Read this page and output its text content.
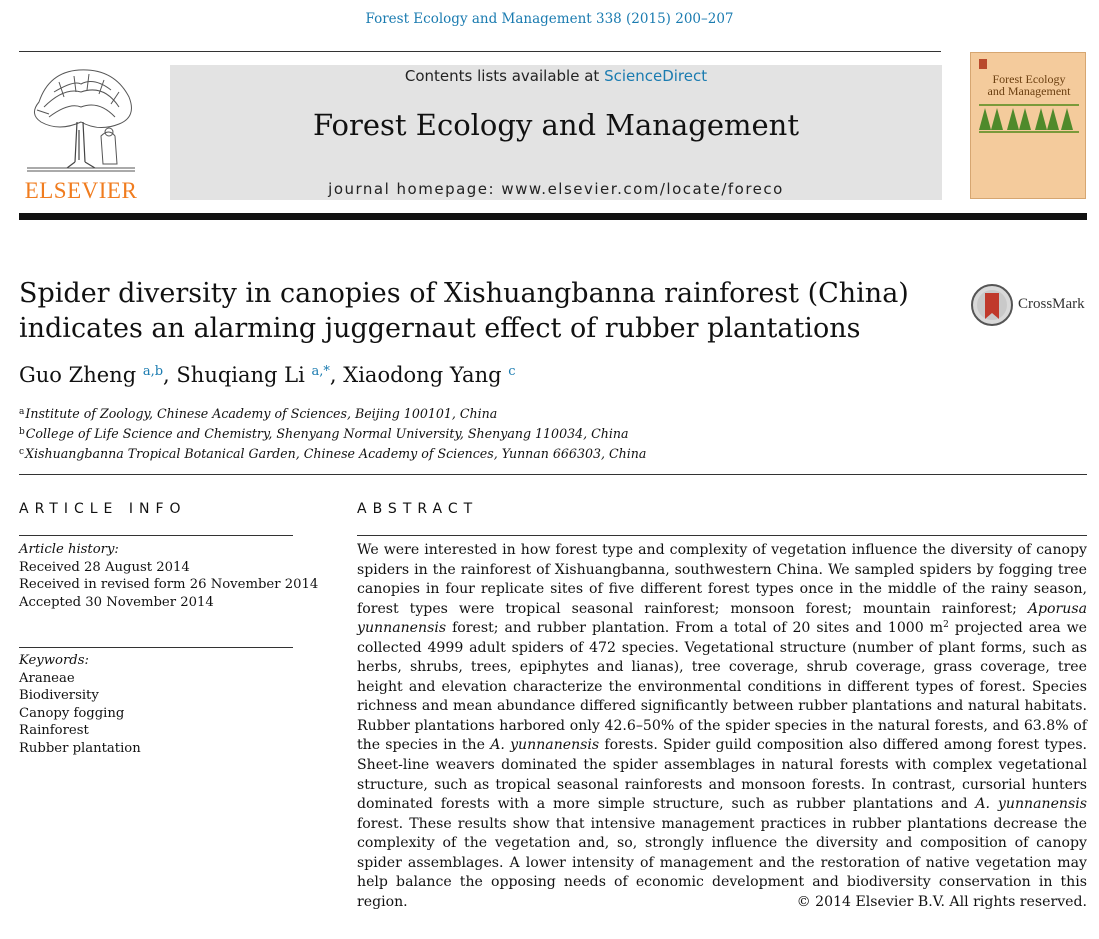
Forest Ecology and Management 338 (2015) 200–207
ELSEVIER
Contents lists available at ScienceDirect
Forest Ecology and Management
journal homepage: www.elsevier.com/locate/foreco
Forest Ecology
and Management
Spider diversity in canopies of Xishuangbanna rainforest (China)
indicates an alarming juggernaut effect of rubber plantations
CrossMark
Guo Zheng $^{a,b}$, Shuqiang Li $^{a,*}$, Xiaodong Yang $^c$
$^a$Institute of Zoology, Chinese Academy of Sciences, Beijing 100101, China
$^b$College of Life Science and Chemistry, Shenyang Normal University, Shenyang 110034, China
$^c$Xishuangbanna Tropical Botanical Garden, Chinese Academy of Sciences, Yunnan 666303, China
ARTICLE INFO
Article history:
Received 28 August 2014
Received in revised form 26 November 2014
Accepted 30 November 2014
Keywords:
Araneae
Biodiversity
Canopy fogging
Rainforest
Rubber plantation
ABSTRACT

We were interested in how forest type and complexity of vegetation influence the diversity of canopy spiders in the rainforest of Xishuangbanna, southwestern China. We sampled spiders by fogging tree canopies in four replicate sites of five different forest types once in the middle of the rainy season, forest types were tropical seasonal rainforest; monsoon forest; mountain rainforest; Aporusa yunnanensis forest; and rubber plantation. From a total of 20 sites and 1000 $m^2$ projected area we collected 4999 adult spiders of 472 species. Vegetational structure (number of plant forms, such as herbs, shrubs, trees, epiphytes and lianas), tree coverage, shrub coverage, grass coverage, tree height and elevation characterize the environmental conditions in different types of forest. Species richness and mean abundance differed significantly between rubber plantations and natural habitats. Rubber plantations harbored only 42.6–50% of the spider species in the natural forests, and 63.8% of the species in the A. yunnanensis forests. Spider guild composition also differed among forest types. Sheet-line weavers dominated the spider assemblages in natural forests with complex vegetational structure, such as tropical seasonal rainforests and monsoon forests. In contrast, cursorial hunters dominated forests with a more simple structure, such as rubber plantations and A. yunnanensis forest. These results show that intensive management practices in rubber plantations decrease the complexity of the vegetation and, so, strongly influence the diversity and composition of canopy spider assemblages. A lower intensity of management and the restoration of native vegetation may help balance the opposing needs of economic development and biodiversity conservation in this region.	© 2014 Elsevier B.V. All rights reserved.
